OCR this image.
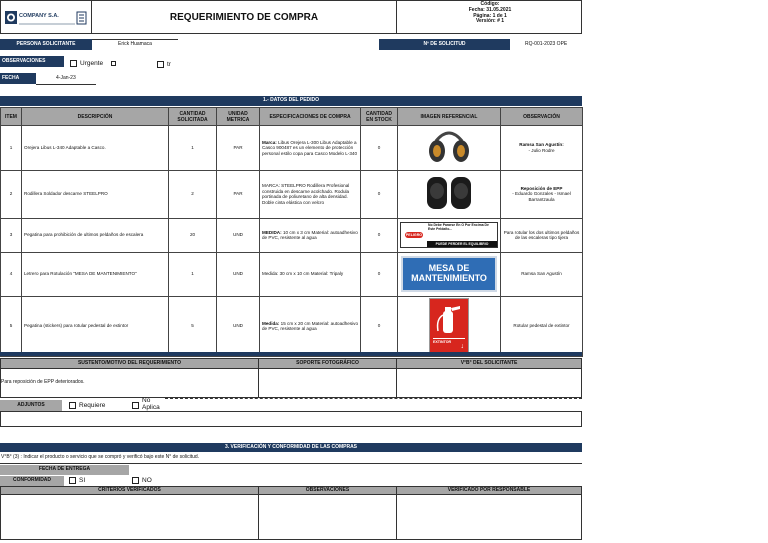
COMPANY S.A.	REQUERIMIENTO DE COMPRA
Código:
Fecha: 31.05.2021
Página: 1 de 1
Versión: # 1
PERSONA SOLICITANTE	Erick Huamaca	Nº DE SOLICITUD	RQ-001-2023 OPE
OBSERVACIONES	Urgente	tr
FECHA	4-Jan-23
1.- DATOS DEL PEDIDO
ITEM	DESCRIPCIÓN	CANTIDAD SOLICITADA	UNIDAD METRICA	ESPECIFICACIONES DE COMPRA	CANTIDAD EN STOCK	IMAGEN REFERENCIAL	OBSERVACIÓN
1	Orejera Libus L-340 Adaptable a Casco.	1	PAR	Marca: Libus Orejera L-300 Libus Adaptable a Casco 900487 es un elemento de protección personal estilo copa para Casco Modelo L-340	0		Ramsa San Agustín:
- Julio Rodre

2	Rodillera Soldador descarne STEELPRO	2	PAR	MARCA: STEELPRO Rodillera Profesional construida en descarne acolchado. Rodula portinada de poliuretano de alta densidad. Doble cinta elástica con velcro	0		Reposición de EPP
- Eduardo Gonzales - Ismael Barrantzaula

3	Pegatina para prohibición de ultimos peldaños de escalera	20	UND	MEDIDA: 10 cm x 3 cm Material: autoadhesivo de PVC, resistente al agua	0	PELIGRO
No Debe Pararse En O Por Encima De Este Peldaño...
PUEDE PERDER EL EQUILIBRIO	Para rotular los dos ultimos peldaños de las escaleras tipo tijera

4	Letrero para Rotulación "MESA DE MANTENIMIENTO"	1	UND	Medida: 30 cm x 10 cm Material: Tripaly	0	MESA DE
MANTENIMIENTO	Ramsa San Agustín

5	Pegatina (stickers) para rotular pedestal de extintor	5	UND	Medida: 15 cm x 20 cm Material: autoadhesivo de PVC, resistente al agua	0	EXTINTOR
↓	Rotular pedestal de extintor
SUSTENTO/MOTIVO DEL REQUERIMIENTO	SOPORTE FOTOGRÁFICO	V°B° DEL SOLICITANTE
Para reposición de EPP deteriorados.
ADJUNTOS	Requiere
No
Aplica
3. VERIFICACIÓN Y CONFORMIDAD DE LAS COMPRAS
V°B° (3) : Indicar el producto o servicio que se compró y verificó bajo este N° de solicitud.
FECHA DE ENTREGA
CONFORMIDAD	SI	NO
CRITERIOS VERIFICADOS	OBSERVACIONES	VERIFICADO POR RESPONSABLE
